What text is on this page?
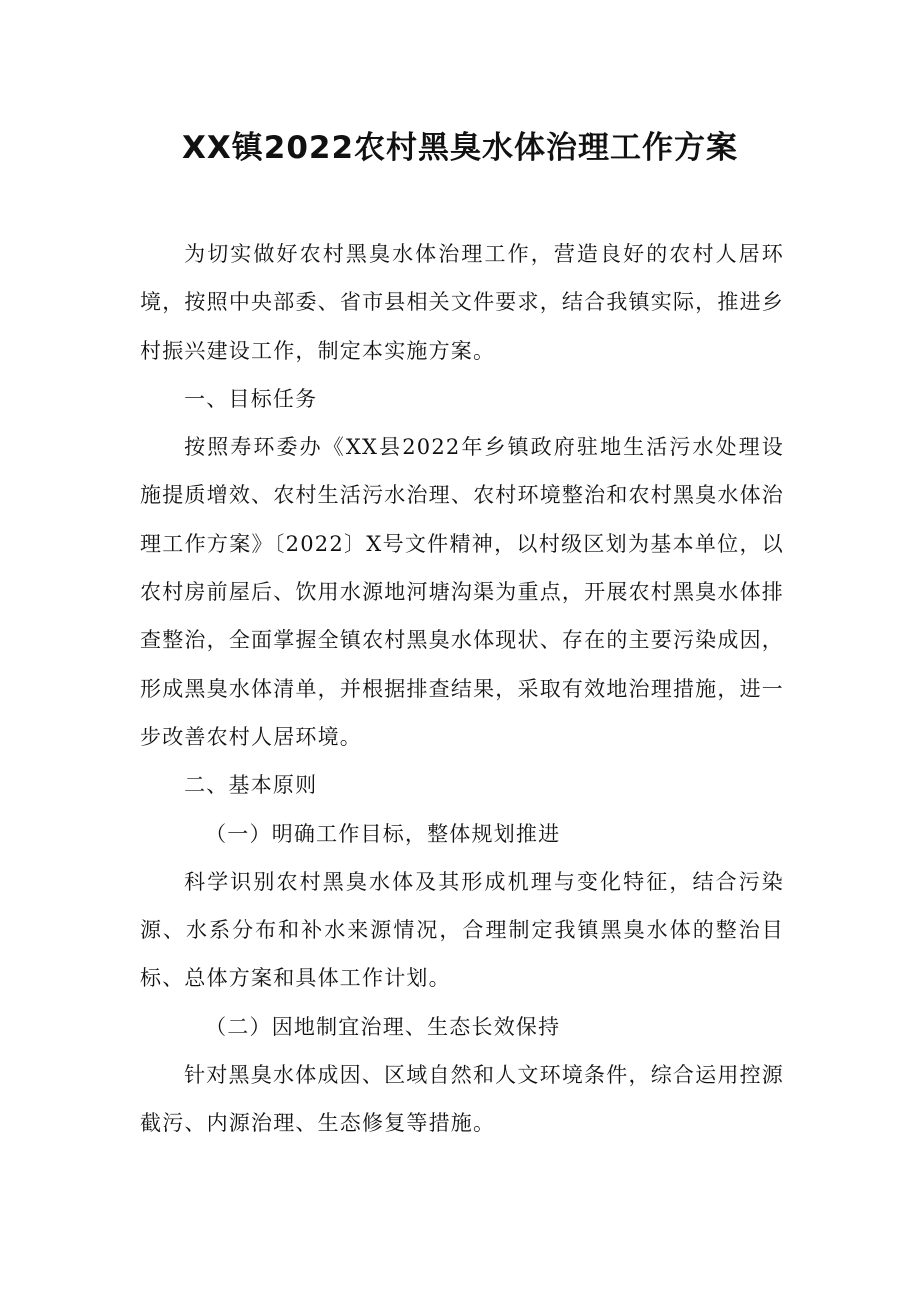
XX镇2022农村黑臭水体治理工作方案

为切实做好农村黑臭水体治理工作，营造良好的农村人居环境，按照中央部委、省市县相关文件要求，结合我镇实际，推进乡村振兴建设工作，制定本实施方案。

一、目标任务

按照寿环委办《XX县2022年乡镇政府驻地生活污水处理设施提质增效、农村生活污水治理、农村环境整治和农村黑臭水体治理工作方案》〔2022〕X号文件精神，以村级区划为基本单位，以农村房前屋后、饮用水源地河塘沟渠为重点，开展农村黑臭水体排查整治，全面掌握全镇农村黑臭水体现状、存在的主要污染成因，形成黑臭水体清单，并根据排查结果，采取有效地治理措施，进一步改善农村人居环境。

二、基本原则

（一）明确工作目标，整体规划推进

科学识别农村黑臭水体及其形成机理与变化特征，结合污染源、水系分布和补水来源情况，合理制定我镇黑臭水体的整治目标、总体方案和具体工作计划。

（二）因地制宜治理、生态长效保持

针对黑臭水体成因、区域自然和人文环境条件，综合运用控源截污、内源治理、生态修复等措施。
